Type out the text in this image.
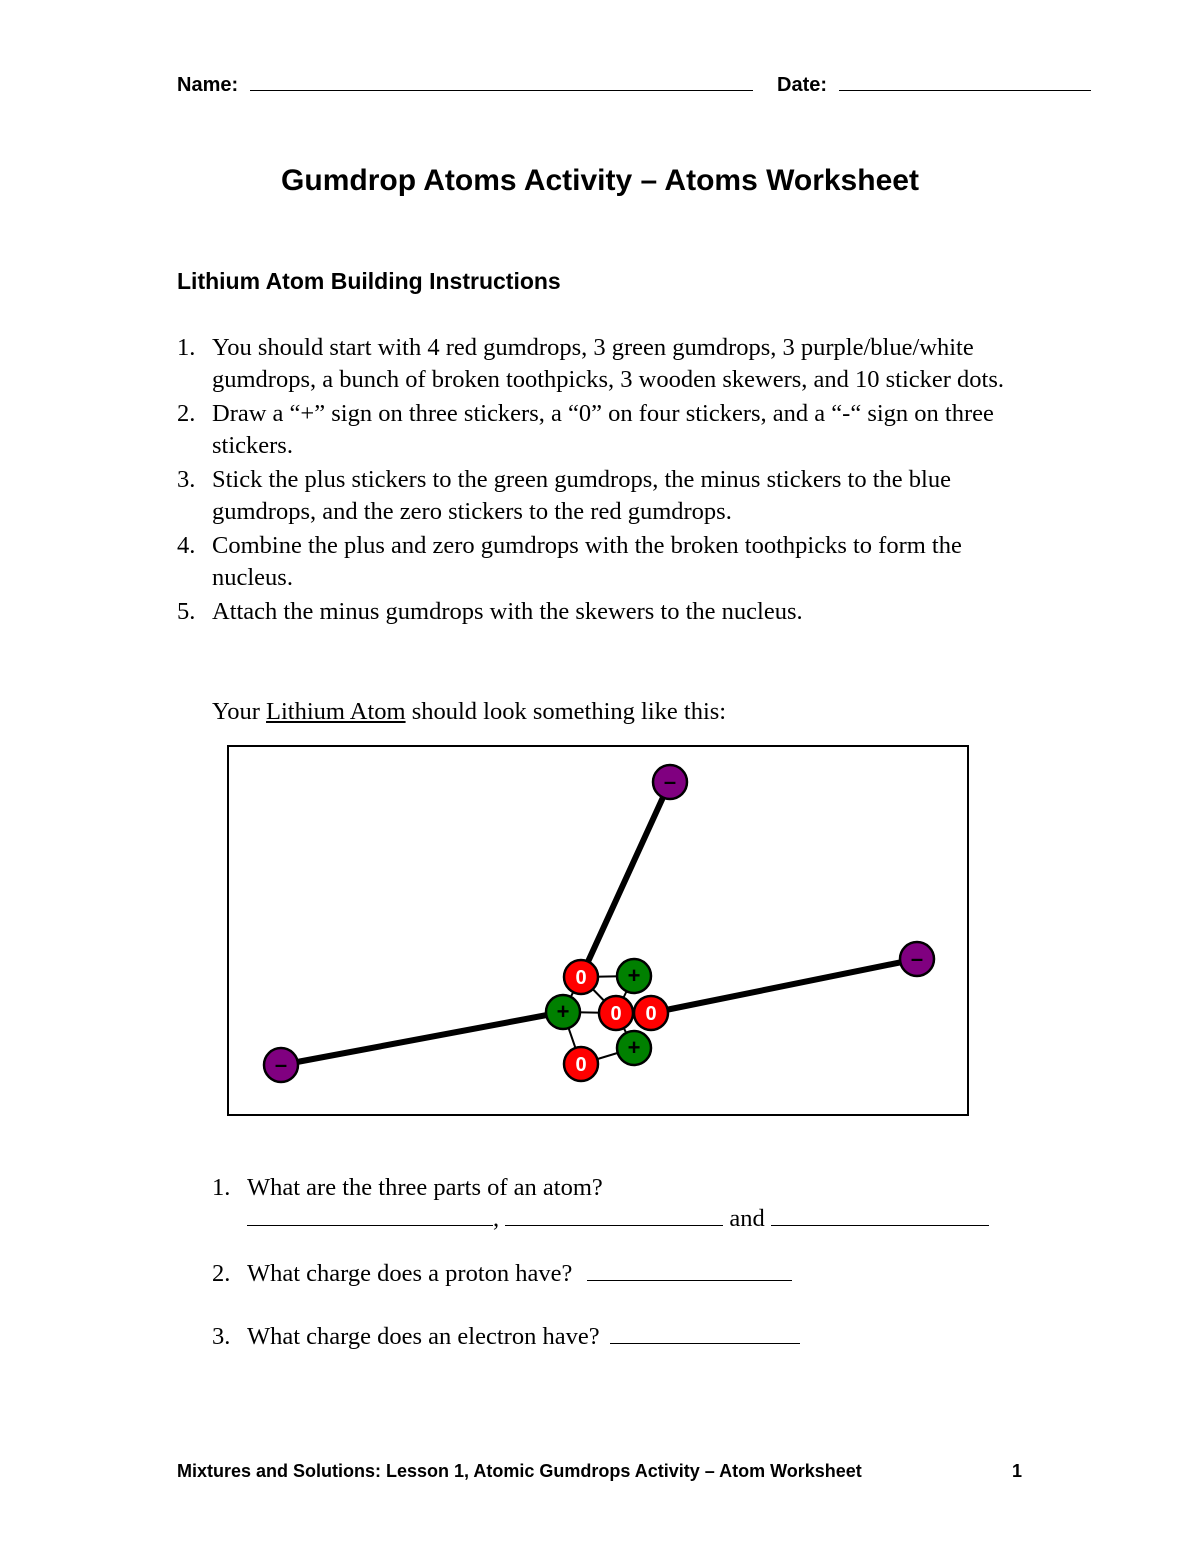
Name:	Date:
Gumdrop Atoms Activity – Atoms Worksheet
Lithium Atom Building Instructions
1. You should start with 4 red gumdrops, 3 green gumdrops, 3 purple/blue/white gumdrops, a bunch of broken toothpicks, 3 wooden skewers, and 10 sticker dots.
2. Draw a “+” sign on three stickers, a “0” on four stickers, and a “-“ sign on three stickers.
3. Stick the plus stickers to the green gumdrops, the minus stickers to the blue gumdrops, and the zero stickers to the red gumdrops.
4. Combine the plus and zero gumdrops with the broken toothpicks to form the nucleus.
5. Attach the minus gumdrops with the skewers to the nucleus.
Your Lithium Atom should look something like this:
–
–
–
0
0 0
0
+
+
+
1. What are the three parts of an atom?
,	and
2. What charge does a proton have?
3. What charge does an electron have?
Mixtures and Solutions: Lesson 1, Atomic Gumdrops Activity – Atom Worksheet	1
